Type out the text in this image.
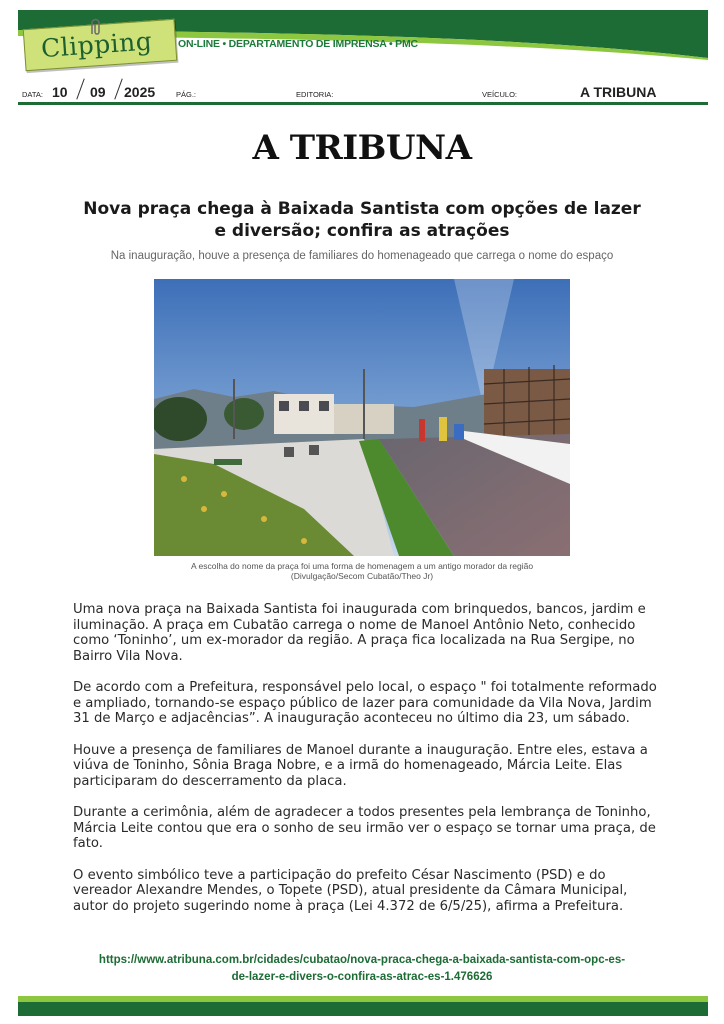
Clipping ON-LINE • DEPARTAMENTO DE IMPRENSA • PMC
DATA: 10 09 2025	PÁG.:	EDITORIA:	VEÍCULO:	A TRIBUNA
A TRIBUNA
Nova praça chega à Baixada Santista com opções de lazer e diversão; confira as atrações
Na inauguração, houve a presença de familiares do homenageado que carrega o nome do espaço
A escolha do nome da praça foi uma forma de homenagem a um antigo morador da região
(Divulgação/Secom Cubatão/Theo Jr)

Uma nova praça na Baixada Santista foi inaugurada com brinquedos, bancos, jardim e iluminação. A praça em Cubatão carrega o nome de Manoel Antônio Neto, conhecido como ‘Toninho’, um ex-morador da região. A praça fica localizada na Rua Sergipe, no Bairro Vila Nova.

De acordo com a Prefeitura, responsável pelo local, o espaço " foi totalmente reformado e ampliado, tornando-se espaço público de lazer para comunidade da Vila Nova, Jardim 31 de Março e adjacências”. A inauguração aconteceu no último dia 23, um sábado.

Houve a presença de familiares de Manoel durante a inauguração. Entre eles, estava a viúva de Toninho, Sônia Braga Nobre, e a irmã do homenageado, Márcia Leite. Elas participaram do descerramento da placa.

Durante a cerimônia, além de agradecer a todos presentes pela lembrança de Toninho, Márcia Leite contou que era o sonho de seu irmão ver o espaço se tornar uma praça, de fato.

O evento simbólico teve a participação do prefeito César Nascimento (PSD) e do vereador Alexandre Mendes, o Topete (PSD), atual presidente da Câmara Municipal, autor do projeto sugerindo nome à praça (Lei 4.372 de 6/5/25), afirma a Prefeitura.

https://www.atribuna.com.br/cidades/cubatao/nova-praca-chega-a-baixada-santista-com-opc-es-
de-lazer-e-divers-o-confira-as-atrac-es-1.476626
